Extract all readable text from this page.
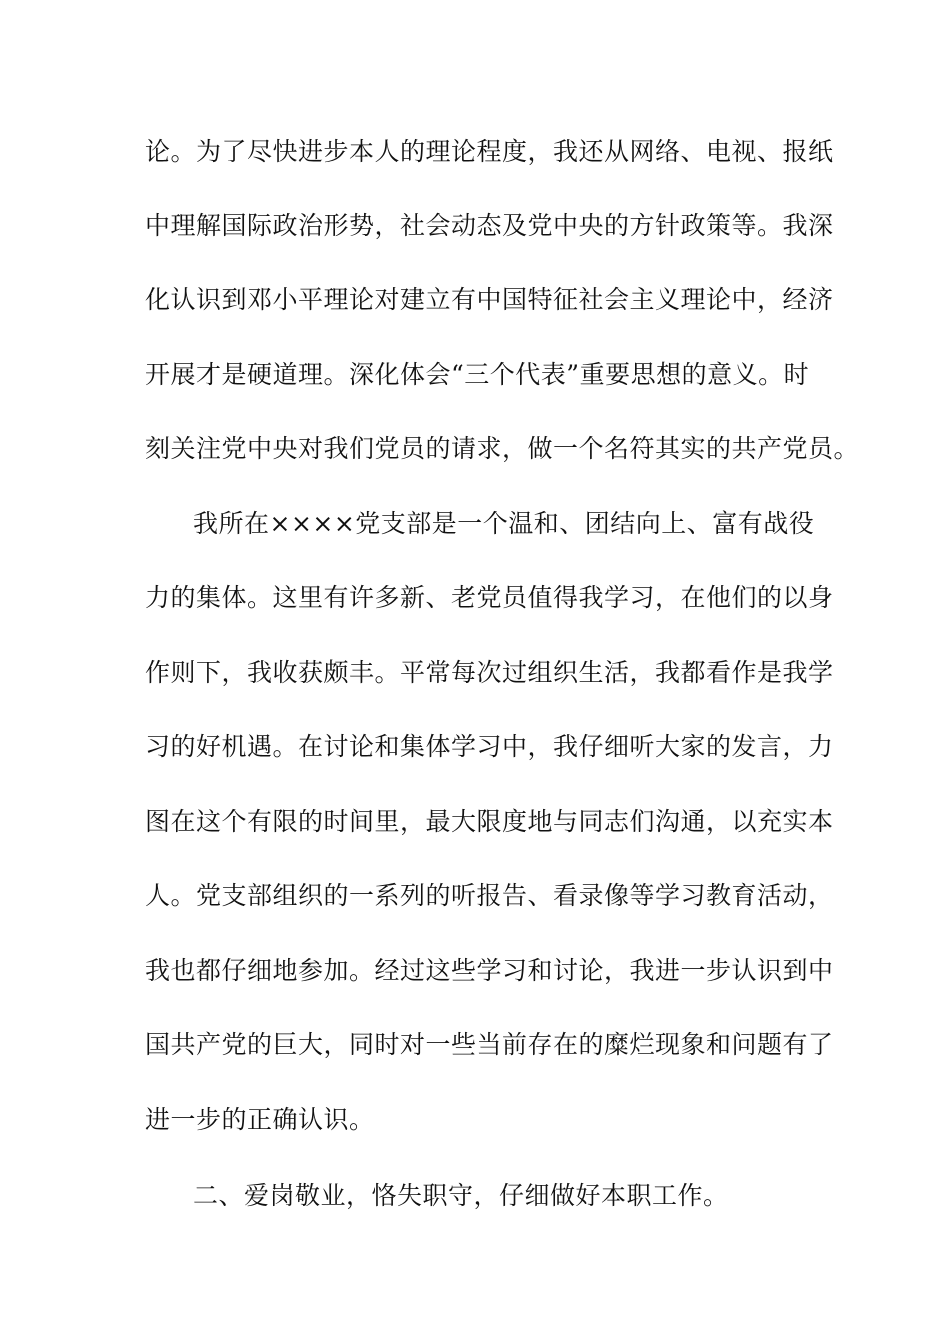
论。为了尽快进步本人的理论程度，我还从网络、电视、报纸
中理解国际政治形势，社会动态及党中央的方针政策等。我深
化认识到邓小平理论对建立有中国特征社会主义理论中，经济
开展才是硬道理。深化体会“三个代表”重要思想的意义。时
刻关注党中央对我们党员的请求，做一个名符其实的共产党员。
我所在××××党支部是一个温和、团结向上、富有战役
力的集体。这里有许多新、老党员值得我学习，在他们的以身
作则下，我收获颇丰。平常每次过组织生活，我都看作是我学
习的好机遇。在讨论和集体学习中，我仔细听大家的发言，力
图在这个有限的时间里，最大限度地与同志们沟通，以充实本
人。党支部组织的一系列的听报告、看录像等学习教育活动，
我也都仔细地参加。经过这些学习和讨论，我进一步认识到中
国共产党的巨大，同时对一些当前存在的糜烂现象和问题有了
进一步的正确认识。
二、爱岗敬业，恪失职守，仔细做好本职工作。
